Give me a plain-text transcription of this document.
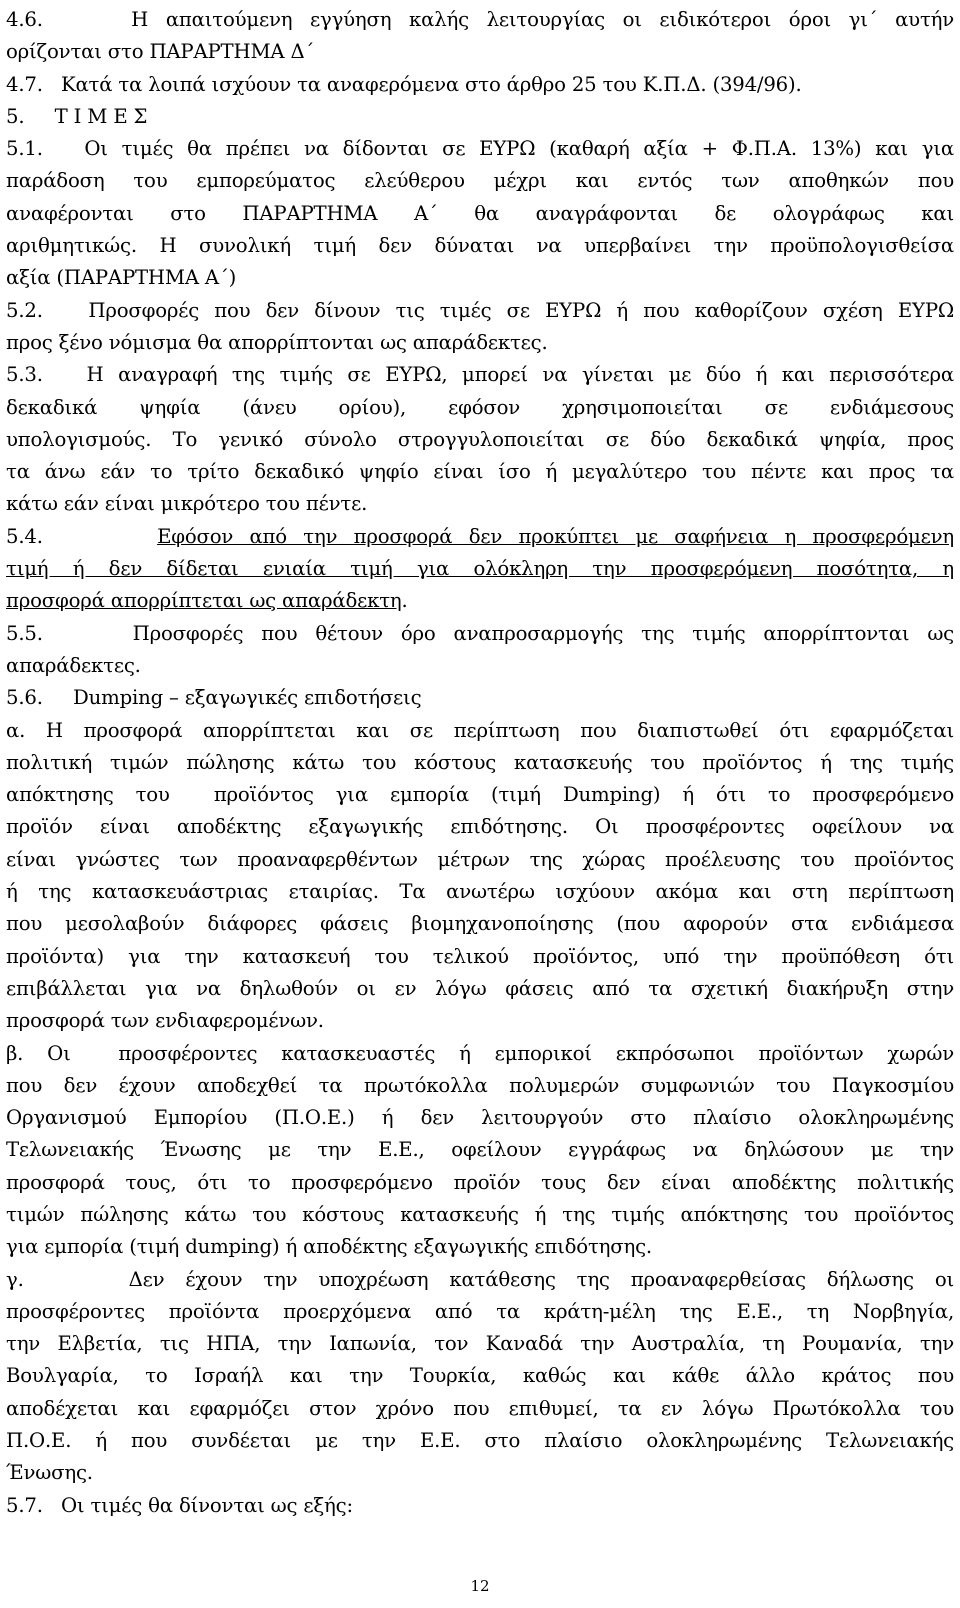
4.6.     Η απαιτούμενη εγγύηση καλής λειτουργίας οι ειδικότεροι όροι γι΄ αυτήν
ορίζονται στο ΠΑΡΑΡΤΗΜΑ Δ΄
4.7.   Κατά τα λοιπά ισχύουν τα αναφερόμενα στο άρθρο 25 του Κ.Π.Δ. (394/96).
5.     Τ Ι Μ Ε Σ
5.1.   Οι τιμές θα πρέπει να δίδονται σε ΕΥΡΩ (καθαρή αξία + Φ.Π.Α. 13%) και για
παράδοση του εμπορεύματος ελεύθερου μέχρι και εντός των αποθηκών που
αναφέρονται στο ΠΑΡΑΡΤΗΜΑ Α΄ θα αναγράφονται δε ολογράφως και
αριθμητικώς. Η συνολική τιμή δεν δύναται να υπερβαίνει την προϋπολογισθείσα
αξία (ΠΑΡΑΡΤΗΜΑ Α΄)
5.2.   Προσφορές που δεν δίνουν τις τιμές σε ΕΥΡΩ ή που καθορίζουν σχέση ΕΥΡΩ
προς ξένο νόμισμα θα απορρίπτονται ως απαράδεκτες.
5.3.   Η αναγραφή της τιμής σε ΕΥΡΩ, μπορεί να γίνεται με δύο ή και περισσότερα
δεκαδικά ψηφία (άνευ ορίου), εφόσον χρησιμοποιείται σε ενδιάμεσους
υπολογισμούς. Το γενικό σύνολο στρογγυλοποιείται σε δύο δεκαδικά ψηφία, προς
τα άνω εάν το τρίτο δεκαδικό ψηφίο είναι ίσο ή μεγαλύτερο του πέντε και προς τα
κάτω εάν είναι μικρότερο του πέντε.
5.4.       Εφόσον από την προσφορά δεν προκύπτει με σαφήνεια η προσφερόμενη
τιμή ή δεν δίδεται ενιαία τιμή για ολόκληρη την προσφερόμενη ποσότητα, η
προσφορά απορρίπτεται ως απαράδεκτη.
5.5.     Προσφορές που θέτουν όρο αναπροσαρμογής της τιμής απορρίπτονται ως
απαράδεκτες.
5.6.     Dumping – εξαγωγικές επιδοτήσεις
α. Η προσφορά απορρίπτεται και σε περίπτωση που διαπιστωθεί ότι εφαρμόζεται
πολιτική τιμών πώλησης κάτω του κόστους κατασκευής του προϊόντος ή της τιμής
απόκτησης του  προϊόντος για εμπορία (τιμή Dumping) ή ότι το προσφερόμενο
προϊόν είναι αποδέκτης εξαγωγικής επιδότησης. Οι προσφέροντες οφείλουν να
είναι γνώστες των προαναφερθέντων μέτρων της χώρας προέλευσης του προϊόντος
ή της κατασκευάστριας εταιρίας. Τα ανωτέρω ισχύουν ακόμα και στη περίπτωση
που μεσολαβούν διάφορες φάσεις βιομηχανοποίησης (που αφορούν στα ενδιάμεσα
προϊόντα) για την κατασκευή του τελικού προϊόντος, υπό την προϋπόθεση ότι
επιβάλλεται για να δηλωθούν οι εν λόγω φάσεις από τα σχετική διακήρυξη στην
προσφορά των ενδιαφερομένων.
β. Οι  προσφέροντες κατασκευαστές ή εμπορικοί εκπρόσωποι προϊόντων χωρών
που δεν έχουν αποδεχθεί τα πρωτόκολλα πολυμερών συμφωνιών του Παγκοσμίου
Οργανισμού Εμπορίου (Π.Ο.Ε.) ή δεν λειτουργούν στο πλαίσιο ολοκληρωμένης
Τελωνειακής Ένωσης με την Ε.Ε., οφείλουν εγγράφως να δηλώσουν με την
προσφορά τους, ότι το προσφερόμενο προϊόν τους δεν είναι αποδέκτης πολιτικής
τιμών πώλησης κάτω του κόστους κατασκευής ή της τιμής απόκτησης του προϊόντος
για εμπορία (τιμή dumping) ή αποδέκτης εξαγωγικής επιδότησης.
γ.     Δεν έχουν την υποχρέωση κατάθεσης της προαναφερθείσας δήλωσης οι
προσφέροντες προϊόντα προερχόμενα από τα κράτη-μέλη της Ε.Ε., τη Νορβηγία,
την Ελβετία, τις ΗΠΑ, την Ιαπωνία, τον Καναδά την Αυστραλία, τη Ρουμανία, την
Βουλγαρία, το Ισραήλ και την Τουρκία, καθώς και κάθε άλλο κράτος που
αποδέχεται και εφαρμόζει στον χρόνο που επιθυμεί, τα εν λόγω Πρωτόκολλα του
Π.Ο.Ε. ή που συνδέεται με την Ε.Ε. στο πλαίσιο ολοκληρωμένης Τελωνειακής
Ένωσης.
5.7.   Οι τιμές θα δίνονται ως εξής:
12
